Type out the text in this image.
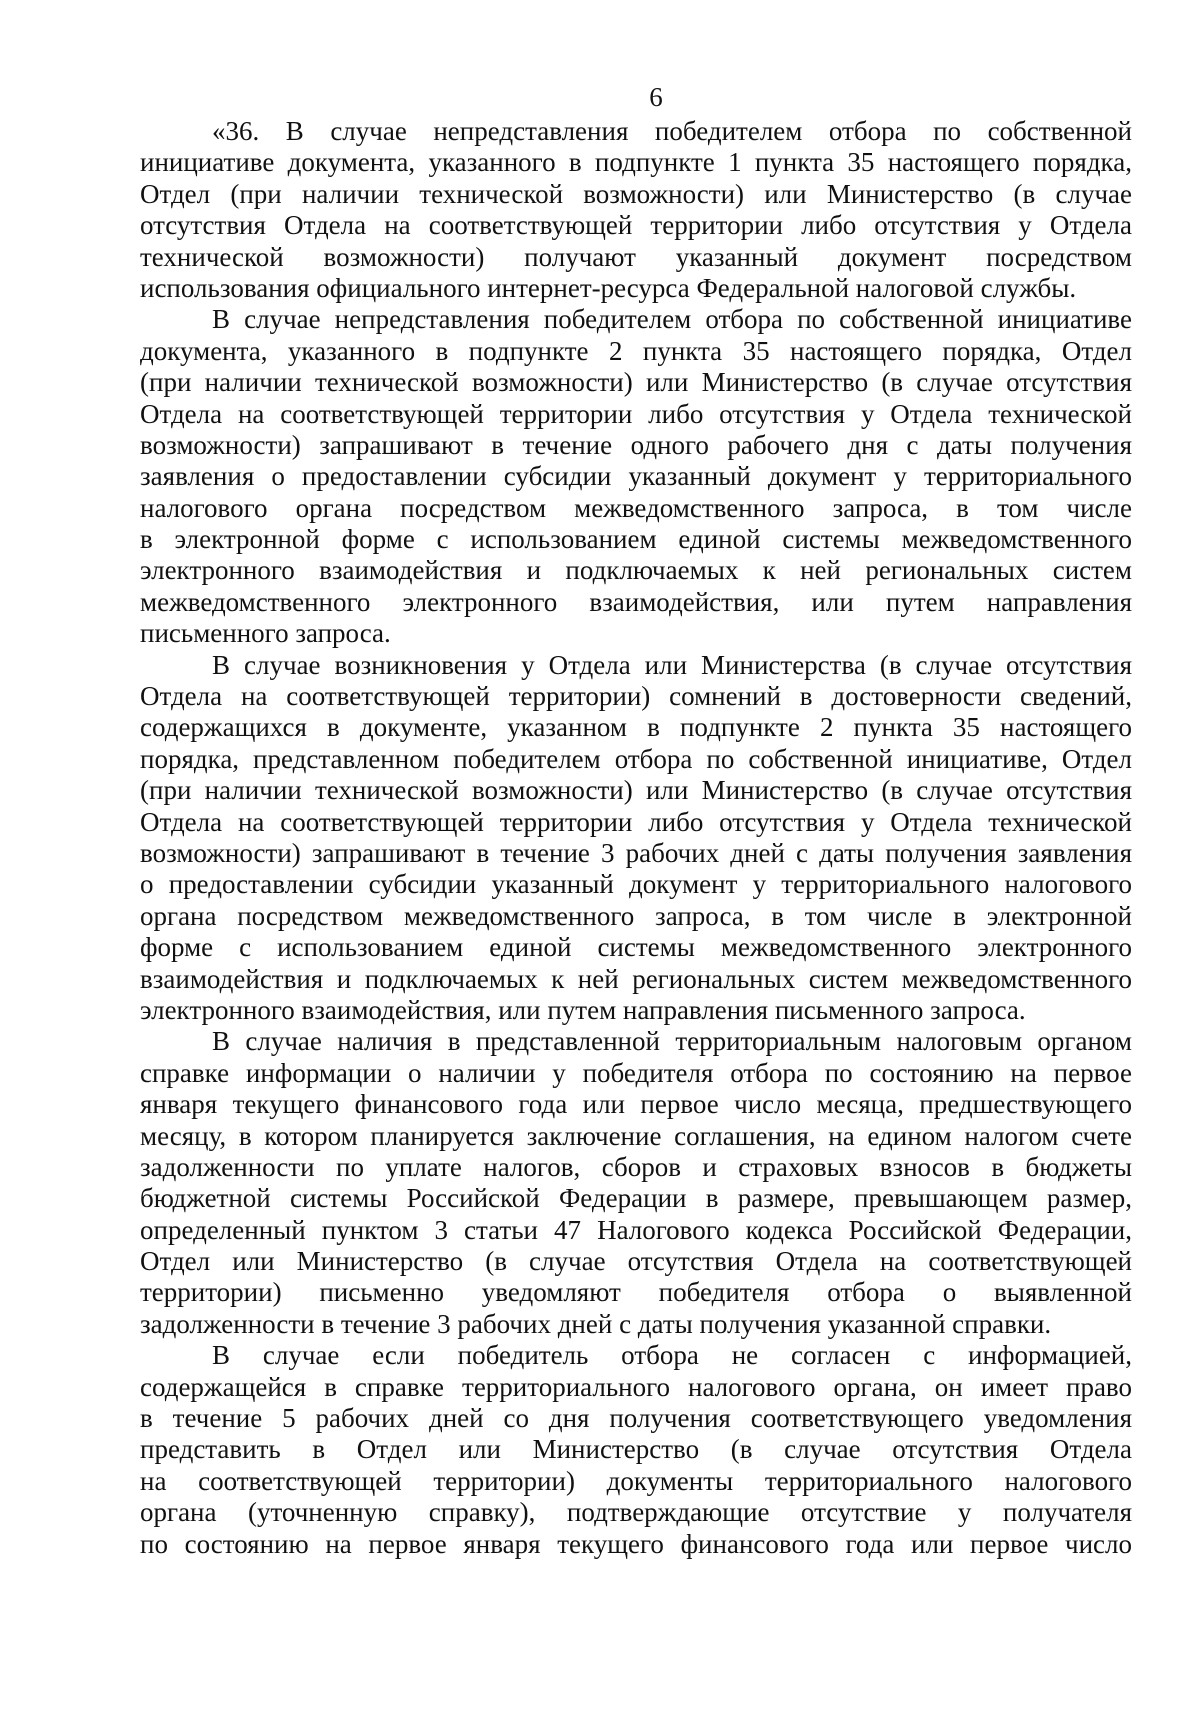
6

«36. В случае непредставления победителем отбора по собственной
инициативе документа, указанного в подпункте 1 пункта 35 настоящего порядка,
Отдел (при наличии технической возможности) или Министерство (в случае
отсутствия Отдела на соответствующей территории либо отсутствия у Отдела
технической возможности) получают указанный документ посредством
использования официального интернет-ресурса Федеральной налоговой службы.

В случае непредставления победителем отбора по собственной инициативе
документа, указанного в подпункте 2 пункта 35 настоящего порядка, Отдел
(при наличии технической возможности) или Министерство (в случае отсутствия
Отдела на соответствующей территории либо отсутствия у Отдела технической
возможности) запрашивают в течение одного рабочего дня с даты получения
заявления о предоставлении субсидии указанный документ у территориального
налогового органа посредством межведомственного запроса, в том числе
в электронной форме с использованием единой системы межведомственного
электронного взаимодействия и подключаемых к ней региональных систем
межведомственного электронного взаимодействия, или путем направления
письменного запроса.

В случае возникновения у Отдела или Министерства (в случае отсутствия
Отдела на соответствующей территории) сомнений в достоверности сведений,
содержащихся в документе, указанном в подпункте 2 пункта 35 настоящего
порядка, представленном победителем отбора по собственной инициативе, Отдел
(при наличии технической возможности) или Министерство (в случае отсутствия
Отдела на соответствующей территории либо отсутствия у Отдела технической
возможности) запрашивают в течение 3 рабочих дней с даты получения заявления
о предоставлении субсидии указанный документ у территориального налогового
органа посредством межведомственного запроса, в том числе в электронной
форме с использованием единой системы межведомственного электронного
взаимодействия и подключаемых к ней региональных систем межведомственного
электронного взаимодействия, или путем направления письменного запроса.

В случае наличия в представленной территориальным налоговым органом
справке информации о наличии у победителя отбора по состоянию на первое
января текущего финансового года или первое число месяца, предшествующего
месяцу, в котором планируется заключение соглашения, на едином налогом счете
задолженности по уплате налогов, сборов и страховых взносов в бюджеты
бюджетной системы Российской Федерации в размере, превышающем размер,
определенный пунктом 3 статьи 47 Налогового кодекса Российской Федерации,
Отдел или Министерство (в случае отсутствия Отдела на соответствующей
территории) письменно уведомляют победителя отбора о выявленной
задолженности в течение 3 рабочих дней с даты получения указанной справки.

В случае если победитель отбора не согласен с информацией,
содержащейся в справке территориального налогового органа, он имеет право
в течение 5 рабочих дней со дня получения соответствующего уведомления
представить в Отдел или Министерство (в случае отсутствия Отдела
на соответствующей территории) документы территориального налогового
органа (уточненную справку), подтверждающие отсутствие у получателя
по состоянию на первое января текущего финансового года или первое число
